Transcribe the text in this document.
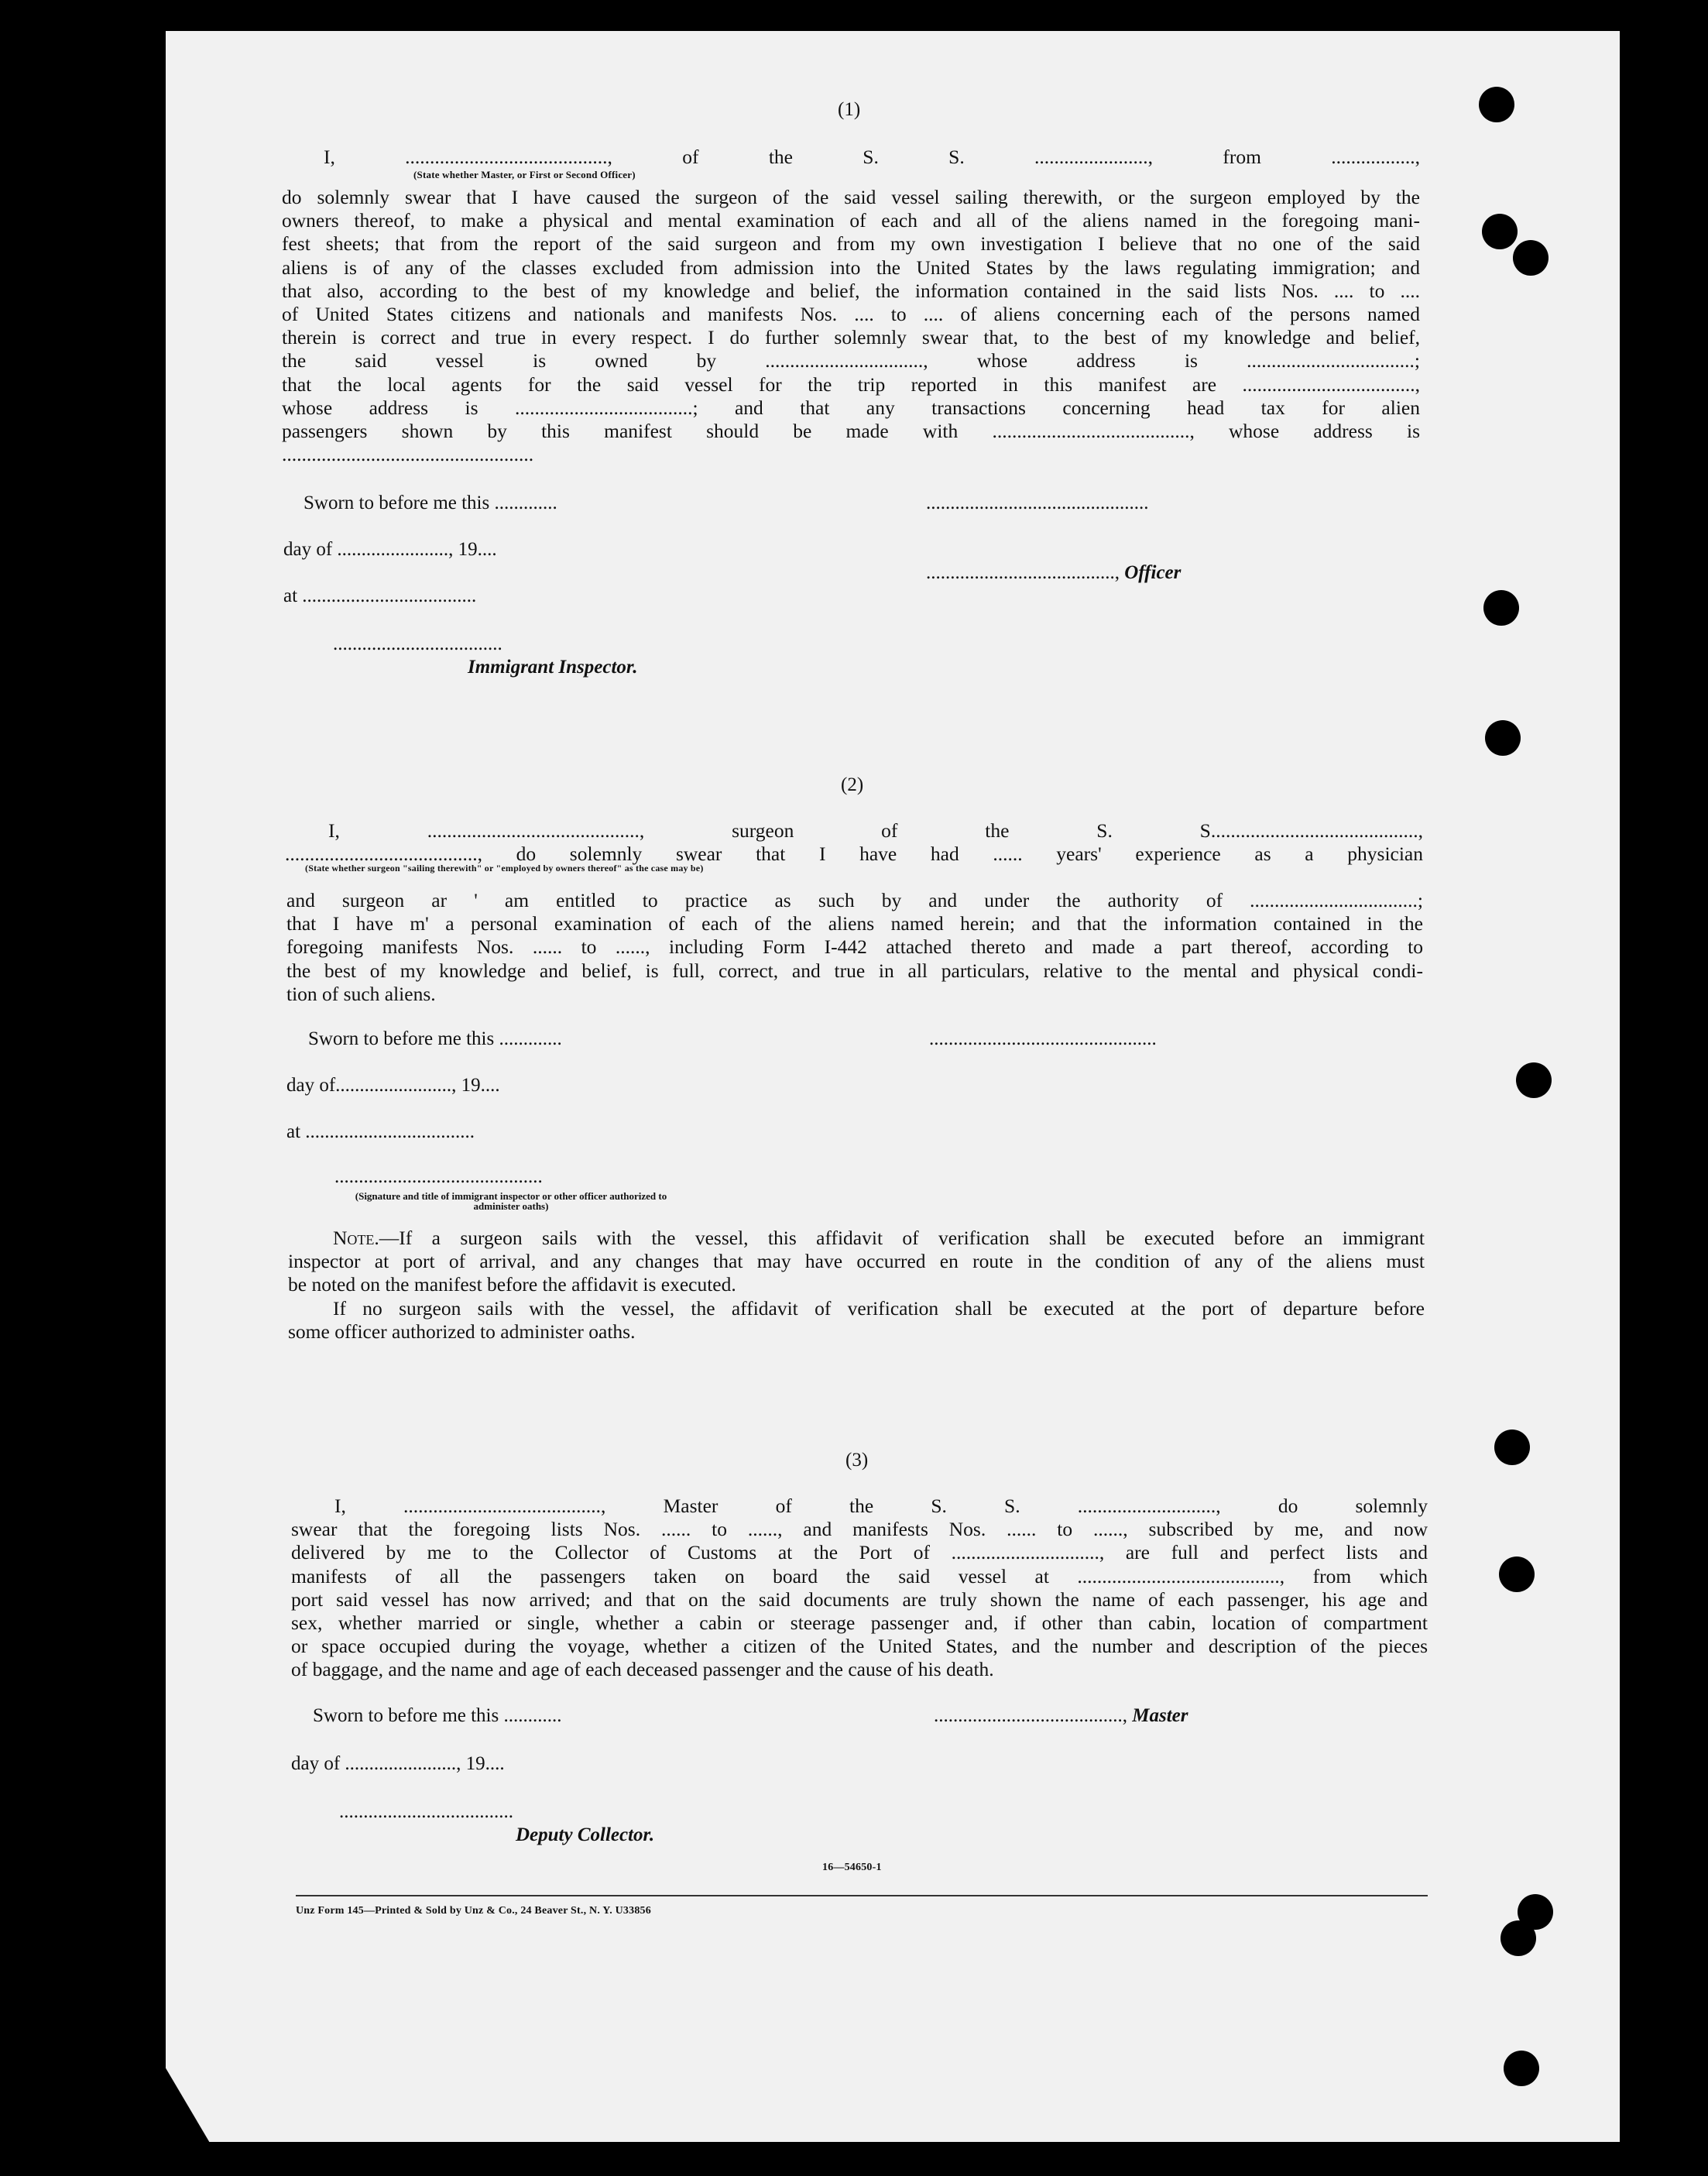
(1)
I, ........................................., of the S. S. ......................., from .................,
(State whether Master, or First or Second Officer)
do solemnly swear that I have caused the surgeon of the said vessel sailing therewith, or the surgeon employed by the
owners thereof, to make a physical and mental examination of each and all of the aliens named in the foregoing mani-
fest sheets; that from the report of the said surgeon and from my own investigation I believe that no one of the said
aliens is of any of the classes excluded from admission into the United States by the laws regulating immigration; and
that also, according to the best of my knowledge and belief, the information contained in the said lists Nos. .... to ....
of United States citizens and nationals and manifests Nos. .... to .... of aliens concerning each of the persons named
therein is correct and true in every respect. I do further solemnly swear that, to the best of my knowledge and belief,
the said vessel is owned by ................................, whose address is ..................................;
that the local agents for the said vessel for the trip reported in this manifest are ...................................,
whose address is ....................................; and that any transactions concerning head tax for alien
passengers shown by this manifest should be made with ........................................, whose address is
...................................................
Sworn to before me this .............	..............................................
day of ......................., 19....
......................................., Officer
at ....................................
...................................
Immigrant Inspector.
(2)
I, ..........................................., surgeon of the S. S..........................................,
......................................., do solemnly swear that I have had ...... years' experience as a physician
(State whether surgeon "sailing therewith" or "employed by owners thereof" as the case may be)
and surgeon ar ' am entitled to practice as such by and under the authority of ..................................;
that I have m' a personal examination of each of the aliens named herein; and that the information contained in the
foregoing manifests Nos. ...... to ......, including Form I-442 attached thereto and made a part thereof, according to
the best of my knowledge and belief, is full, correct, and true in all particulars, relative to the mental and physical condi-
tion of such aliens.
Sworn to before me this .............	...............................................
day of........................, 19....
at ...................................
...........................................
(Signature and title of immigrant inspector or other officer authorized to administer oaths)
Note.—If a surgeon sails with the vessel, this affidavit of verification shall be executed before an immigrant
inspector at port of arrival, and any changes that may have occurred en route in the condition of any of the aliens must
be noted on the manifest before the affidavit is executed.
If no surgeon sails with the vessel, the affidavit of verification shall be executed at the port of departure before
some officer authorized to administer oaths.
(3)
I, ........................................, Master of the S. S. ............................, do solemnly
swear that the foregoing lists Nos. ...... to ......, and manifests Nos. ...... to ......, subscribed by me, and now
delivered by me to the Collector of Customs at the Port of .............................., are full and perfect lists and
manifests of all the passengers taken on board the said vessel at ........................................., from which
port said vessel has now arrived; and that on the said documents are truly shown the name of each passenger, his age and
sex, whether married or single, whether a cabin or steerage passenger and, if other than cabin, location of compartment
or space occupied during the voyage, whether a citizen of the United States, and the number and description of the pieces
of baggage, and the name and age of each deceased passenger and the cause of his death.
Sworn to before me this ............	......................................., Master
day of ......................., 19....
....................................
Deputy Collector.
16—54650-1
Unz Form 145—Printed & Sold by Unz & Co., 24 Beaver St., N. Y. U33856
